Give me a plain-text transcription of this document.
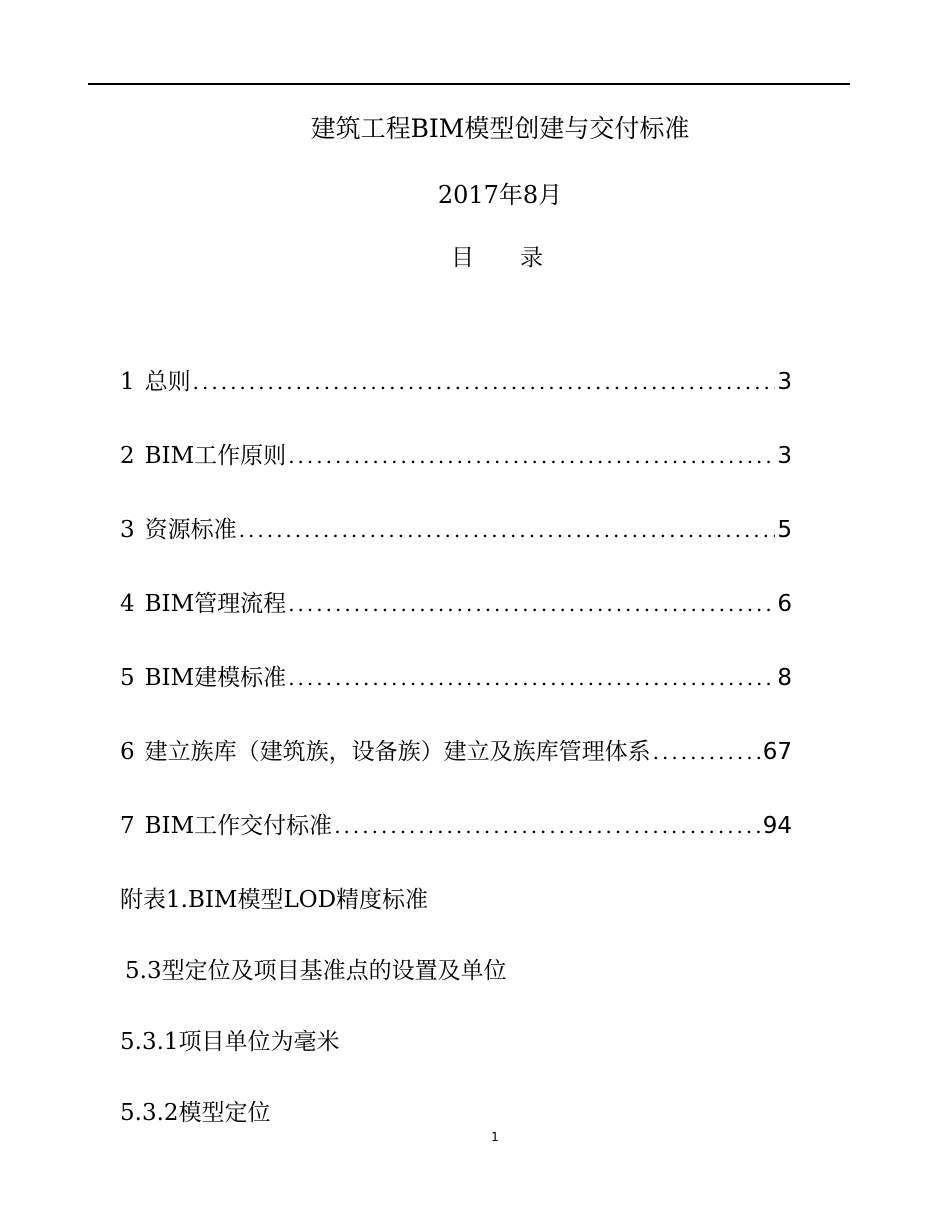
建筑工程BIM模型创建与交付标准
2017年8月
目录
1 总则 .....	3
2 BIM工作原则 .....	3
3 资源标准 .....	5
4 BIM管理流程 .....	6
5 BIM建模标准 .....	8
6 建立族库（建筑族，设备族）建立及族库管理体系 .....	67
7 BIM工作交付标准 .....	94
附表1.BIM模型LOD精度标准
5.3型定位及项目基准点的设置及单位
5.3.1项目单位为毫米
5.3.2模型定位
1
